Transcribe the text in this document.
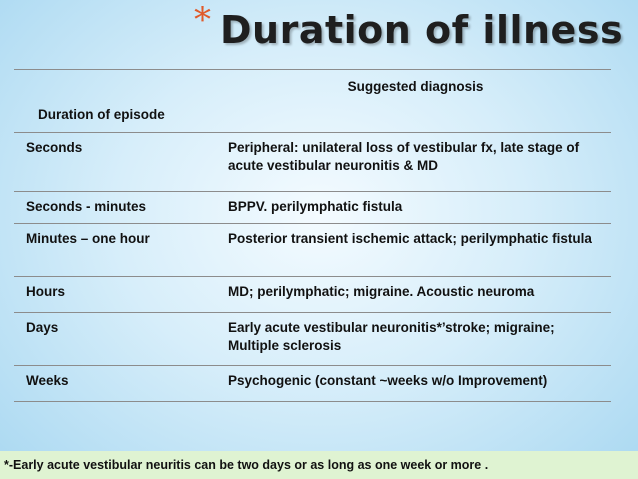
* Duration of illness
Duration of episode	Suggested diagnosis
Seconds	Peripheral: unilateral loss of vestibular fx, late stage of acute vestibular neuronitis & MD
Seconds - minutes	BPPV. perilymphatic fistula
Minutes – one hour	Posterior transient ischemic attack; perilymphatic fistula
Hours	MD; perilymphatic; migraine. Acoustic neuroma
Days	Early acute vestibular neuronitis*’stroke; migraine; Multiple sclerosis
Weeks	Psychogenic (constant ~weeks w/o Improvement)
*-Early acute vestibular neuritis can be two days or as long as one week or more .
